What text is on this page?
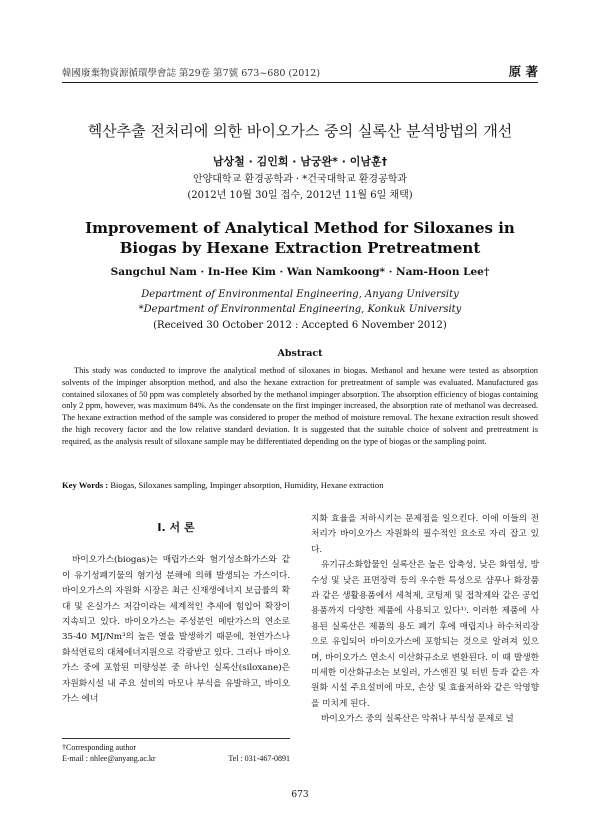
韓國廢棄物資源循環學會誌 第29卷 第7號 673~680 (2012)	原 著
헥산추출 전처리에 의한 바이오가스 중의 실록산 분석방법의 개선
남상철 · 김인희 · 남궁완* · 이남훈†
안양대학교 환경공학과 · *건국대학교 환경공학과
(2012년 10월 30일 접수, 2012년 11월 6일 채택)
Improvement of Analytical Method for Siloxanes in Biogas by Hexane Extraction Pretreatment
Sangchul Nam · In-Hee Kim · Wan Namkoong* · Nam-Hoon Lee†
Department of Environmental Engineering, Anyang University
*Department of Environmental Engineering, Konkuk University
(Received 30 October 2012 : Accepted 6 November 2012)
Abstract
This study was conducted to improve the analytical method of siloxanes in biogas. Methanol and hexane were tested as absorption solvents of the impinger absorption method, and also the hexane extraction for pretreatment of sample was evaluated. Manufactured gas contained siloxanes of 50 ppm was completely absorbed by the methanol impinger absorption. The absorption efficiency of biogas containing only 2 ppm, however, was maximum 84%. As the condensate on the first impinger increased, the absorption rate of methanol was decreased. The hexane extraction method of the sample was considered to proper the method of moisture removal. The hexane extraction result showed the high recovery factor and the low relative standard deviation. It is suggested that the suitable choice of solvent and pretreatment is required, as the analysis result of siloxane sample may be differentiated depending on the type of biogas or the sampling point.
Key Words : Biogas, Siloxanes sampling, Impinger absorption, Humidity, Hexane extraction
I. 서 론

바이오가스(biogas)는 매립가스와 혐기성소화가스와 같이 유기성폐기물의 혐기성 분해에 의해 발생되는 가스이다. 바이오가스의 자원화 시장은 최근 신재생에너지 보급률의 확대 및 온실가스 저감이라는 세계적인 추세에 힘입어 확장이 지속되고 있다. 바이오가스는 주성분인 메탄가스의 연소로 35-40 MJ/Nm³의 높은 열을 발생하기 때문에, 천연가스나 화석연료의 대체에너지원으로 각광받고 있다. 그러나 바이오가스 중에 포함된 미량성분 중 하나인 실록산(siloxane)은 자원화시설 내 주요 설비의 마모나 부식을 유발하고, 바이오가스 에너

지화 효율을 저하시키는 문제점을 일으킨다. 이에 이들의 전처리가 바이오가스 자원화의 필수적인 요소로 자리 잡고 있다.

유기규소화합물인 실록산은 높은 압축성, 낮은 화염성, 방수성 및 낮은 표면장력 등의 우수한 특성으로 샴푸나 화장품과 같은 생활용품에서 세척제, 코팅제 및 접착제와 같은 공업용품까지 다양한 제품에 사용되고 있다¹⁾. 이러한 제품에 사용된 실록산은 제품의 용도 폐기 후에 매립지나 하수처리장으로 유입되어 바이오가스에 포함되는 것으로 알려져 있으며, 바이오가스 연소시 이산화규소로 변환된다. 이 때 발생한 미세한 이산화규소는 보일러, 가스엔진 및 터빈 등과 같은 자원화 시설 주요설비에 마모, 손상 및 효율저하와 같은 악영향을 미치게 된다.

바이오가스 중의 실록산은 악취나 부식성 문제로 널

†Corresponding author
E-mail : nhlee@anyang.ac.kr	Tel : 031-467-0891
673
